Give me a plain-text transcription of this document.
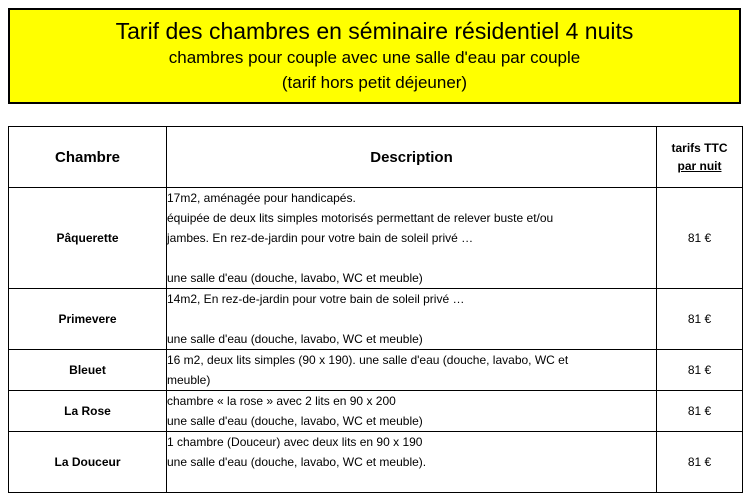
Tarif des chambres en séminaire résidentiel 4 nuits
chambres pour couple avec une salle d'eau par couple
(tarif hors petit déjeuner)
Chambre	Description	tarifs TTC
par nuit

Pâquerette	17m2, aménagée pour handicapés.
équipée de deux lits simples motorisés permettant de relever buste et/ou
jambes. En rez-de-jardin pour votre bain de soleil privé …
une salle d'eau (douche, lavabo, WC et meuble)	81 €
Primevere	14m2, En rez-de-jardin pour votre bain de soleil privé …
une salle d'eau (douche, lavabo, WC et meuble)	81 €
Bleuet	16 m2, deux lits simples (90 x 190). une salle d'eau (douche, lavabo, WC et
meuble)	81 €
La Rose	chambre « la rose » avec 2 lits en 90 x 200
une salle d'eau (douche, lavabo, WC et meuble)	81 €
La Douceur	1 chambre (Douceur) avec deux lits en 90 x 190
une salle d'eau (douche, lavabo, WC et meuble).	81 €
